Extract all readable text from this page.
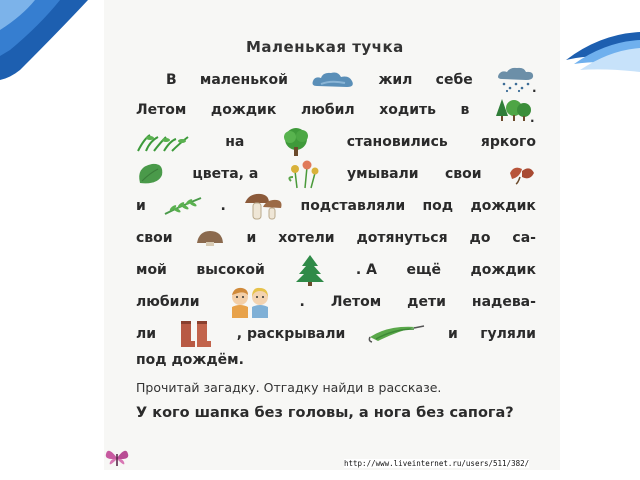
Маленькая тучка
В маленькой	жил себе	.
Летом дождик любил ходить в	.
на	становились яркого
цвета, а	умывали свои
и	.	подставляли под дождик
свои	и хотели дотянуться до са-
мой высокой	. А ещё дождик
любили	. Летом дети надева-
ли	, раскрывали	и гуляли
под дождём.
Прочитай загадку. Отгадку найди в рассказе.
У кого шапка без головы, а нога без сапога?
http://www.liveinternet.ru/users/511/382/
